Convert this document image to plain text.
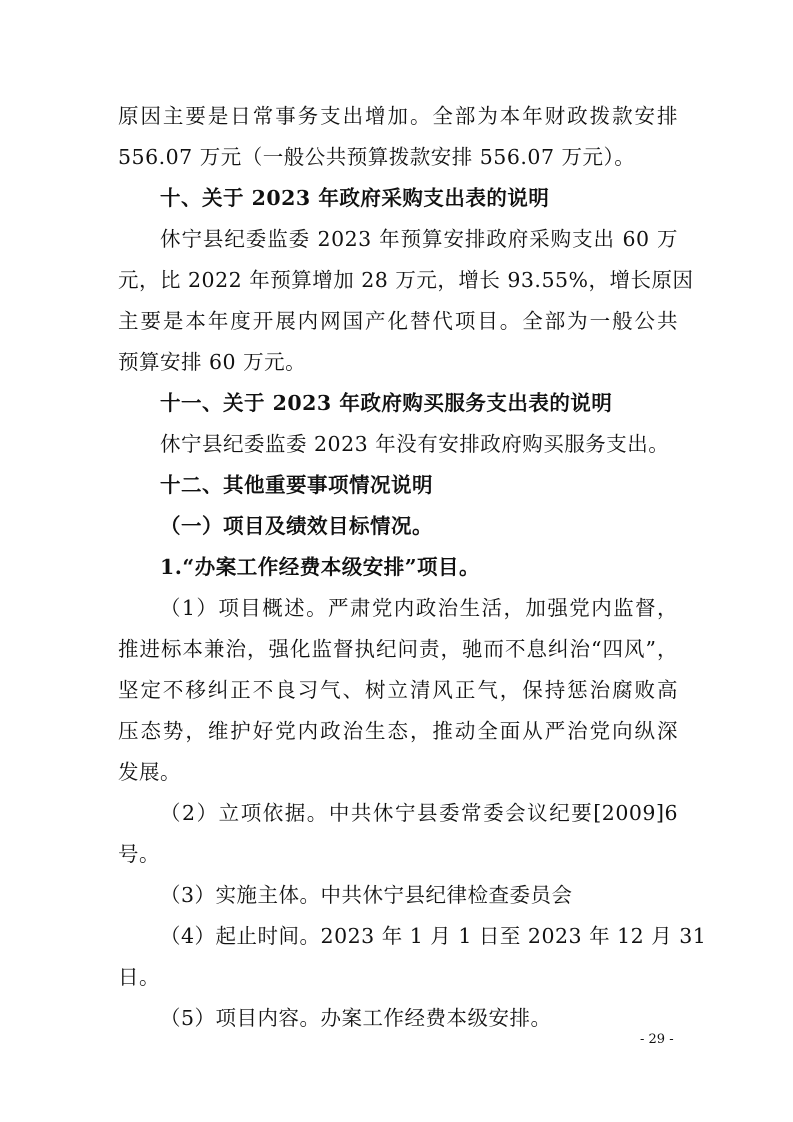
原因主要是日常事务支出增加。全部为本年财政拨款安排
556.07 万元（一般公共预算拨款安排 556.07 万元）。
十、关于 2023 年政府采购支出表的说明
休宁县纪委监委 2023 年预算安排政府采购支出 60 万
元，比 2022 年预算增加 28 万元，增长 93.55%，增长原因
主要是本年度开展内网国产化替代项目。全部为一般公共
预算安排 60 万元。
十一、关于 2023 年政府购买服务支出表的说明
休宁县纪委监委 2023 年没有安排政府购买服务支出。
十二、其他重要事项情况说明
（一）项目及绩效目标情况。
1.“办案工作经费本级安排”项目。
（1）项目概述。严肃党内政治生活，加强党内监督，
推进标本兼治，强化监督执纪问责，驰而不息纠治“四风”，
坚定不移纠正不良习气、树立清风正气，保持惩治腐败高
压态势，维护好党内政治生态，推动全面从严治党向纵深
发展。
（2）立项依据。中共休宁县委常委会议纪要[2009]6
号。
（3）实施主体。中共休宁县纪律检查委员会
（4）起止时间。2023 年 1 月 1 日至 2023 年 12 月 31
日。
（5）项目内容。办案工作经费本级安排。
- 29 -
